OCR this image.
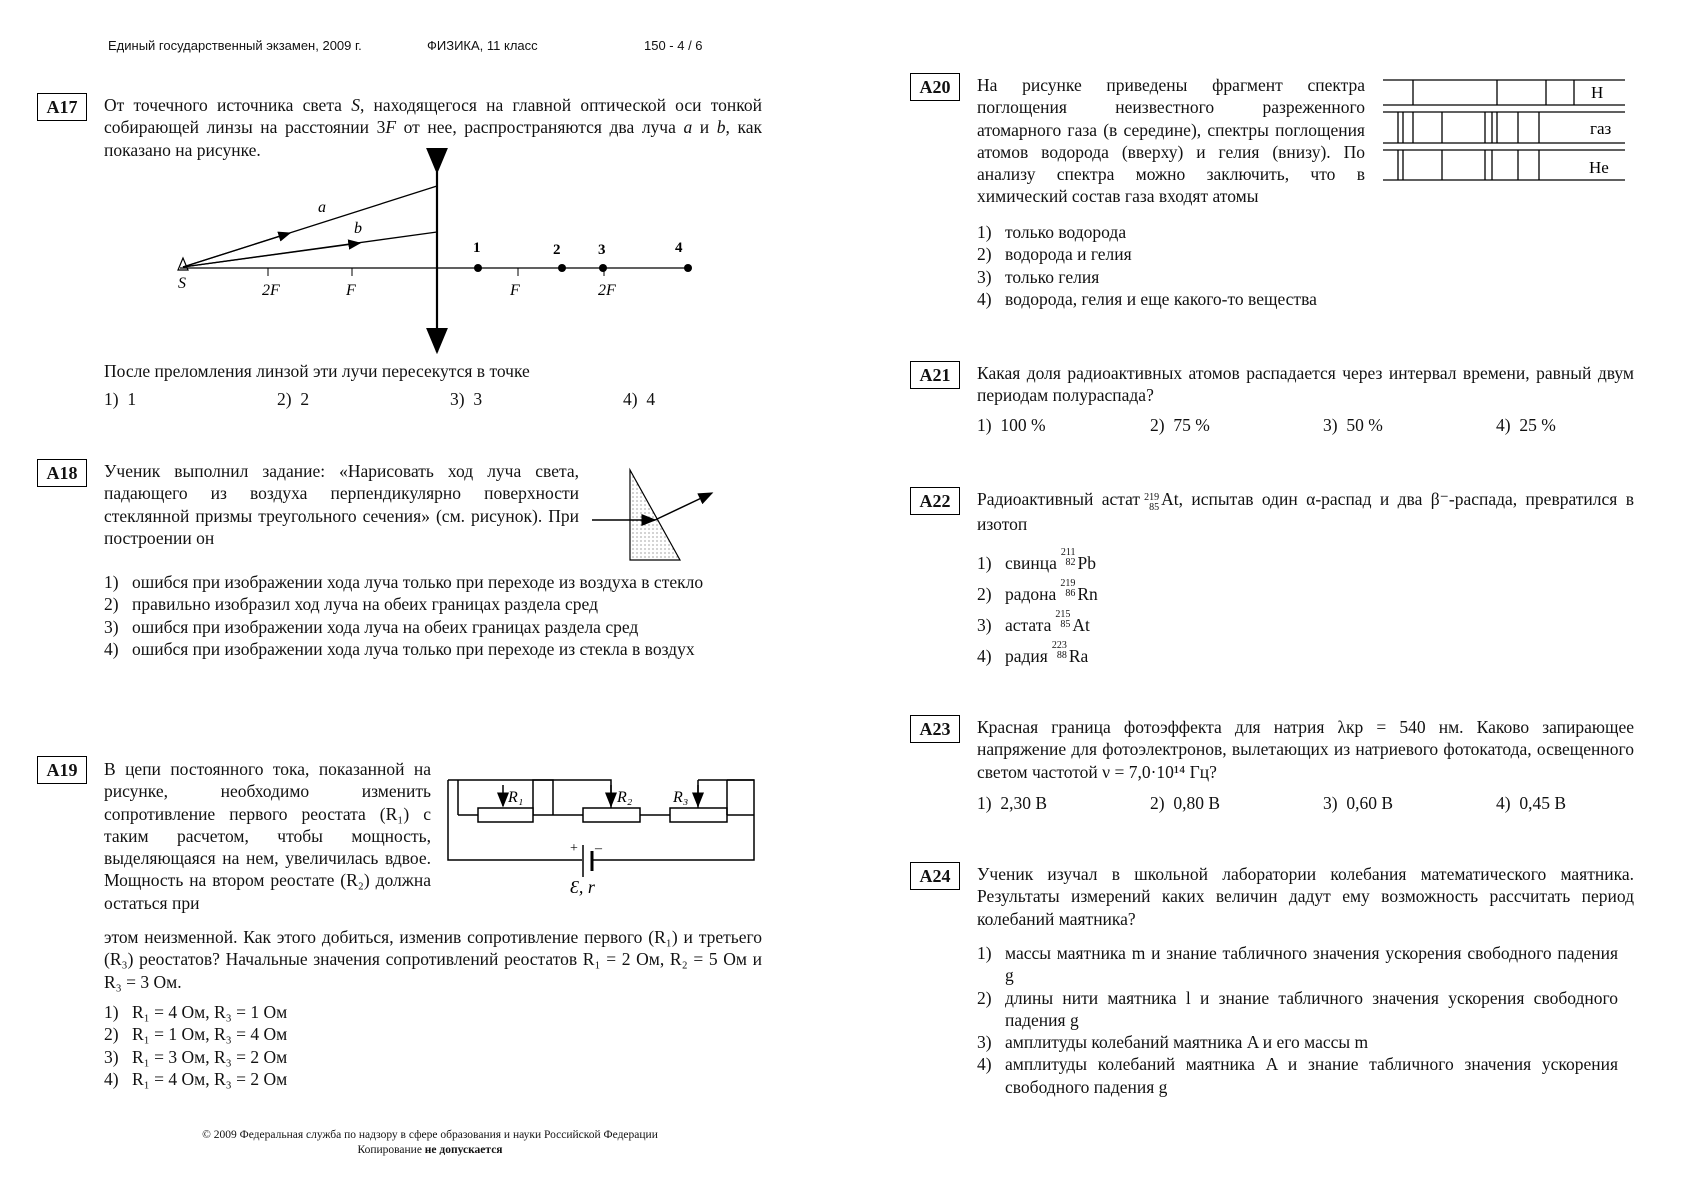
Единый государственный экзамен, 2009 г.	ФИЗИКА, 11 класс	150 - 4 / 6
A17	От точечного источника света S, находящегося на главной оптической оси тонкой собирающей линзы на расстоянии 3F от нее, распространяются два луча a и b, как показано на рисунке.
a
b
S	2F	F	F	2F
1	2	3	4
После преломления линзой эти лучи пересекутся в точке
1) 1	2) 2	3) 3	4) 4
A18	Ученик выполнил задание: «Нарисовать ход луча света, падающего из воздуха перпендикулярно поверхности стеклянной призмы треугольного сечения» (см. рисунок). При построении он
1) ошибся при изображении хода луча только при переходе из воздуха в стекло
2) правильно изобразил ход луча на обеих границах раздела сред
3) ошибся при изображении хода луча на обеих границах раздела сред
4) ошибся при изображении хода луча только при переходе из стекла в воздух
A19	В цепи постоянного тока, показанной на рисунке, необходимо изменить сопротивление первого реостата (R₁) с таким расчетом, чтобы мощность, выделяющаяся на нем, увеличилась вдвое. Мощность на втором реостате (R₂) должна остаться при
R₁	R₂	R₃
+ –
Ɛ, r
этом неизменной. Как этого добиться, изменив сопротивление первого (R₁) и третьего (R₃) реостатов? Начальные значения сопротивлений реостатов R₁ = 2 Ом, R₂ = 5 Ом и R₃ = 3 Ом.
1) R₁ = 4 Ом, R₃ = 1 Ом
2) R₁ = 1 Ом, R₃ = 4 Ом
3) R₁ = 3 Ом, R₃ = 2 Ом
4) R₁ = 4 Ом, R₃ = 2 Ом
© 2009 Федеральная служба по надзору в сфере образования и науки Российской Федерации
Копирование не допускается
A20	На рисунке приведены фрагмент спектра поглощения неизвестного разреженного атомарного газа (в середине), спектры поглощения атомов водорода (вверху) и гелия (внизу). По анализу спектра можно заключить, что в химический состав газа входят атомы
H
газ
He
1) только водорода
2) водорода и гелия
3) только гелия
4) водорода, гелия и еще какого-то вещества
A21	Какая доля радиоактивных атомов распадается через интервал времени, равный двум периодам полураспада?
1) 100 %	2) 75 %	3) 50 %	4) 25 %
A22	Радиоактивный астат 219
85 At, испытав один α-распад и два β⁻-распада, превратился в изотоп
1) свинца
211
82 Pb
2) радона
219
86 Rn
3) астата
215
85 At
4) радия
223
88 Ra
A23	Красная граница фотоэффекта для натрия λкр = 540 нм. Каково запирающее напряжение для фотоэлектронов, вылетающих из натриевого фотокатода, освещенного светом частотой ν = 7,0·10¹⁴ Гц?
1) 2,30 В	2) 0,80 В	3) 0,60 В	4) 0,45 В
A24	Ученик изучал в школьной лаборатории колебания математического маятника. Результаты измерений каких величин дадут ему возможность рассчитать период колебаний маятника?
1) массы маятника m и знание табличного значения ускорения свободного падения g
2) длины нити маятника l и знание табличного значения ускорения свободного падения g
3) амплитуды колебаний маятника A и его массы m
4) амплитуды колебаний маятника A и знание табличного значения ускорения свободного падения g
